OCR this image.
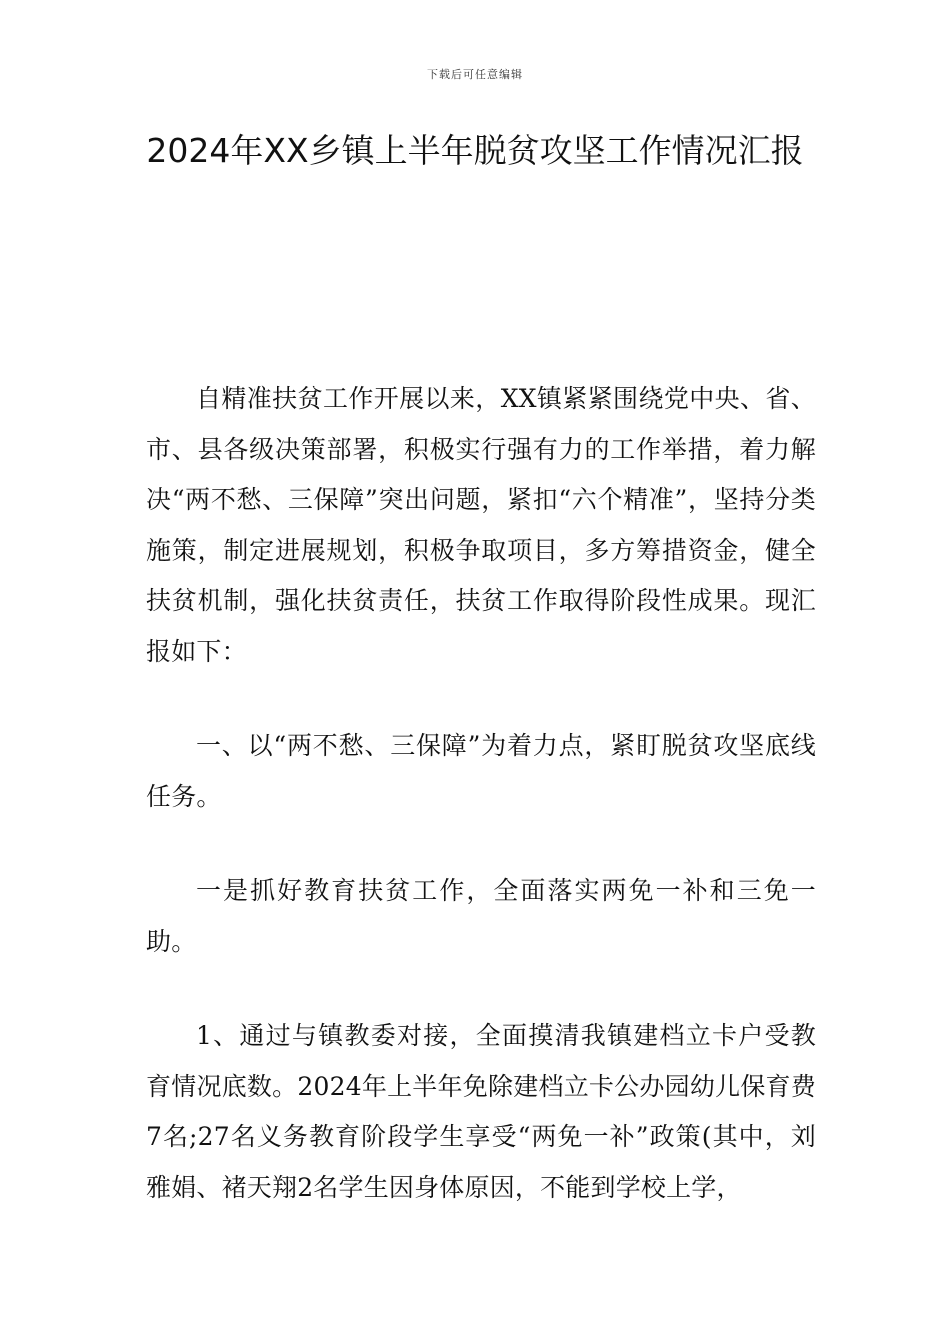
下载后可任意编辑
2024年XX乡镇上半年脱贫攻坚工作情况汇报

自精准扶贫工作开展以来，XX镇紧紧围绕党中央、省、市、县各级决策部署，积极实行强有力的工作举措，着力解决“两不愁、三保障”突出问题，紧扣“六个精准”，坚持分类施策，制定进展规划，积极争取项目，多方筹措资金，健全扶贫机制，强化扶贫责任，扶贫工作取得阶段性成果。现汇报如下：

一、以“两不愁、三保障”为着力点，紧盯脱贫攻坚底线任务。

一是抓好教育扶贫工作，全面落实两免一补和三免一助。

1、通过与镇教委对接，全面摸清我镇建档立卡户受教育情况底数。2024年上半年免除建档立卡公办园幼儿保育费7名;27名义务教育阶段学生享受“两免一补”政策(其中，刘雅娟、褚天翔2名学生因身体原因，不能到学校上学，
